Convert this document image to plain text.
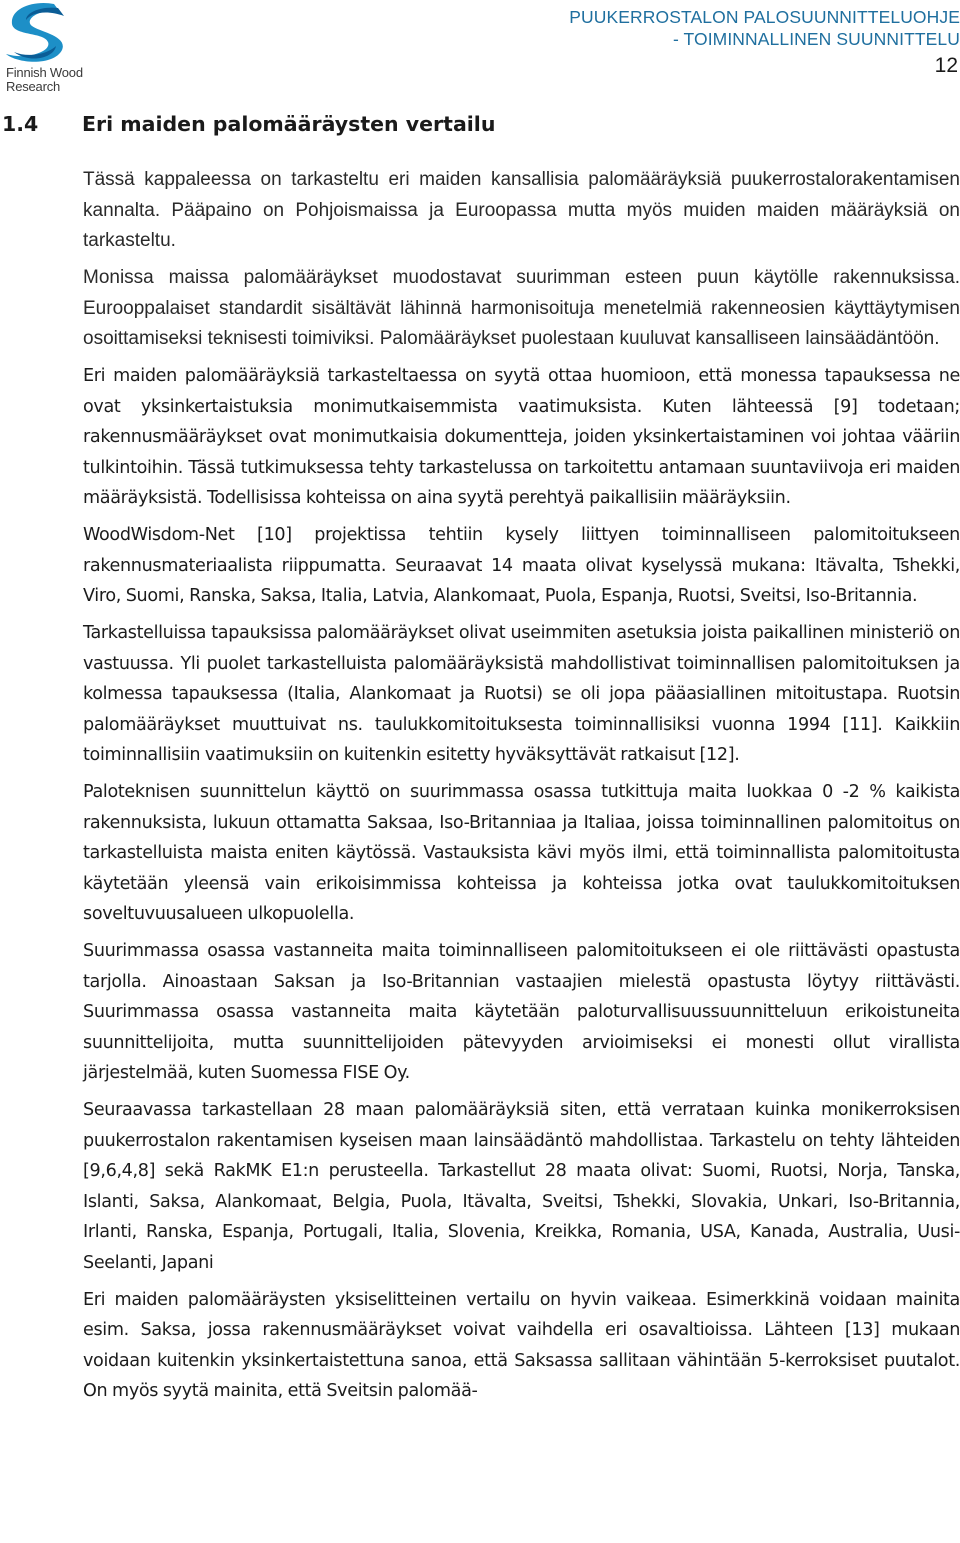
Finnish Wood
Research
PUUKERROSTALON PALOSUUNNITTELUOHJE
- TOIMINNALLINEN SUUNNITTELU
12
1.4 Eri maiden palomääräysten vertailu

Tässä kappaleessa on tarkasteltu eri maiden kansallisia palomääräyksiä puukerrostalorakentamisen kannalta. Pääpaino on Pohjoismaissa ja Euroopassa mutta myös muiden maiden määräyksiä on tarkasteltu.

Monissa maissa palomääräykset muodostavat suurimman esteen puun käytölle rakennuksissa. Eurooppalaiset standardit sisältävät lähinnä harmonisoituja menetelmiä rakenneosien käyttäytymisen osoittamiseksi teknisesti toimiviksi. Palomääräykset puolestaan kuuluvat kansalliseen lainsäädäntöön.

Eri maiden palomääräyksiä tarkasteltaessa on syytä ottaa huomioon, että monessa tapauksessa ne ovat yksinkertaistuksia monimutkaisemmista vaatimuksista. Kuten lähteessä [9] todetaan; rakennusmääräykset ovat monimutkaisia dokumentteja, joiden yksinkertaistaminen voi johtaa vääriin tulkintoihin. Tässä tutkimuksessa tehty tarkastelussa on tarkoitettu antamaan suuntaviivoja eri maiden määräyksistä. Todellisissa kohteissa on aina syytä perehtyä paikallisiin määräyksiin.

WoodWisdom-Net [10] projektissa tehtiin kysely liittyen toiminnalliseen palomitoitukseen rakennusmateriaalista riippumatta. Seuraavat 14 maata olivat kyselyssä mukana: Itävalta, Tshekki, Viro, Suomi, Ranska, Saksa, Italia, Latvia, Alankomaat, Puola, Espanja, Ruotsi, Sveitsi, Iso-Britannia.

Tarkastelluissa tapauksissa palomääräykset olivat useimmiten asetuksia joista paikallinen ministeriö on vastuussa. Yli puolet tarkastelluista palomääräyksistä mahdollistivat toiminnallisen palomitoituksen ja kolmessa tapauksessa (Italia, Alankomaat ja Ruotsi) se oli jopa pääasiallinen mitoitustapa. Ruotsin palomääräykset muuttuivat ns. taulukkomitoituksesta toiminnallisiksi vuonna 1994 [11]. Kaikkiin toiminnallisiin vaatimuksiin on kuitenkin esitetty hyväksyttävät ratkaisut [12].

Paloteknisen suunnittelun käyttö on suurimmassa osassa tutkittuja maita luokkaa 0 -2 % kaikista rakennuksista, lukuun ottamatta Saksaa, Iso-Britanniaa ja Italiaa, joissa toiminnallinen palomitoitus on tarkastelluista maista eniten käytössä. Vastauksista kävi myös ilmi, että toiminnallista palomitoitusta käytetään yleensä vain erikoisimmissa kohteissa ja kohteissa jotka ovat taulukkomitoituksen soveltuvuusalueen ulkopuolella.

Suurimmassa osassa vastanneita maita toiminnalliseen palomitoitukseen ei ole riittävästi opastusta tarjolla. Ainoastaan Saksan ja Iso-Britannian vastaajien mielestä opastusta löytyy riittävästi. Suurimmassa osassa vastanneita maita käytetään paloturvallisuussuunnitteluun erikoistuneita suunnittelijoita, mutta suunnittelijoiden pätevyyden arvioimiseksi ei monesti ollut virallista järjestelmää, kuten Suomessa FISE Oy.

Seuraavassa tarkastellaan 28 maan palomääräyksiä siten, että verrataan kuinka monikerroksisen puukerrostalon rakentamisen kyseisen maan lainsäädäntö mahdollistaa. Tarkastelu on tehty lähteiden [9,6,4,8] sekä RakMK E1:n perusteella. Tarkastellut 28 maata olivat: Suomi, Ruotsi, Norja, Tanska, Islanti, Saksa, Alankomaat, Belgia, Puola, Itävalta, Sveitsi, Tshekki, Slovakia, Unkari, Iso-Britannia, Irlanti, Ranska, Espanja, Portugali, Italia, Slovenia, Kreikka, Romania, USA, Kanada, Australia, Uusi-Seelanti, Japani

Eri maiden palomääräysten yksiselitteinen vertailu on hyvin vaikeaa. Esimerkkinä voidaan mainita esim. Saksa, jossa rakennusmääräykset voivat vaihdella eri osavaltioissa. Lähteen [13] mukaan voidaan kuitenkin yksinkertaistettuna sanoa, että Saksassa sallitaan vähintään 5-kerroksiset puutalot. On myös syytä mainita, että Sveitsin palomää-
